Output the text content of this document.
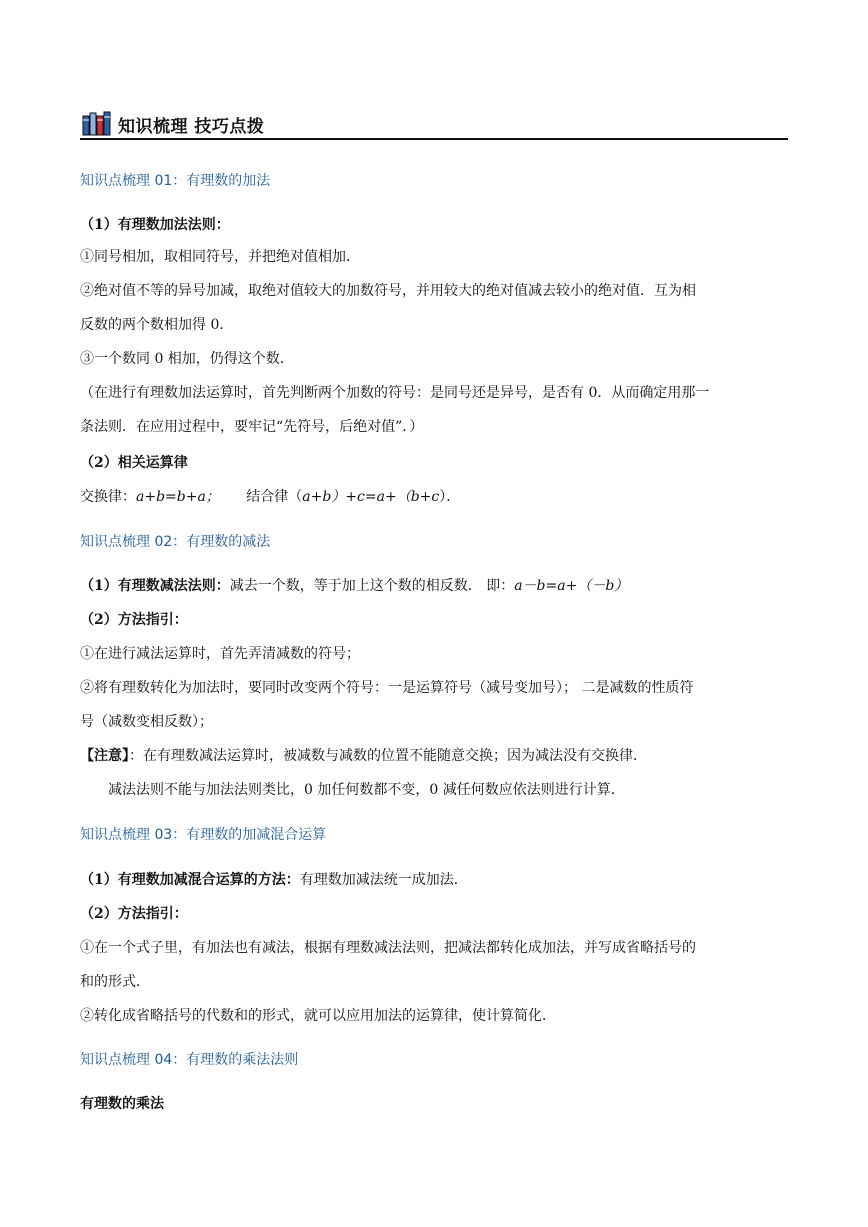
知识梳理 技巧点拨
知识点梳理 01：有理数的加法
（1）有理数加法法则：
①同号相加，取相同符号，并把绝对值相加．
②绝对值不等的异号加减，取绝对值较大的加数符号，并用较大的绝对值减去较小的绝对值．互为相
反数的两个数相加得 0．
③一个数同 0 相加，仍得这个数．
（在进行有理数加法运算时，首先判断两个加数的符号：是同号还是异号，是否有 0．从而确定用那一
条法则．在应用过程中，要牢记“先符号，后绝对值”．）
（2）相关运算律
交换律：a+b=b+a； 结合律（a+b）+c=a+（b+c）．
知识点梳理 02：有理数的减法
（1）有理数减法法则：减去一个数，等于加上这个数的相反数． 即：a－b=a+（－b）
（2）方法指引：
①在进行减法运算时，首先弄清减数的符号；
②将有理数转化为加法时，要同时改变两个符号：一是运算符号（减号变加号）； 二是减数的性质符
号（减数变相反数）；
【注意】：在有理数减法运算时，被减数与减数的位置不能随意交换；因为减法没有交换律．
减法法则不能与加法法则类比，0 加任何数都不变，0 减任何数应依法则进行计算．
知识点梳理 03：有理数的加减混合运算
（1）有理数加减混合运算的方法：有理数加减法统一成加法．
（2）方法指引：
①在一个式子里，有加法也有减法，根据有理数减法法则，把减法都转化成加法，并写成省略括号的
和的形式．
②转化成省略括号的代数和的形式，就可以应用加法的运算律，使计算简化．
知识点梳理 04：有理数的乘法法则
有理数的乘法
